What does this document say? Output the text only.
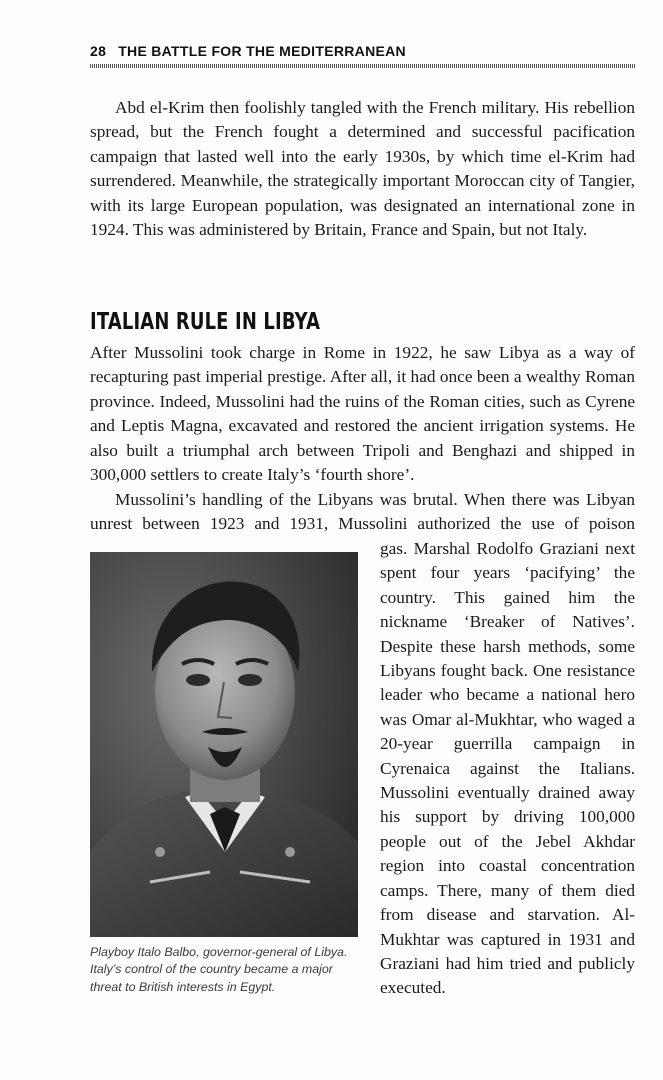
28 THE BATTLE FOR THE MEDITERRANEAN

Abd el-Krim then foolishly tangled with the French military. His rebellion spread, but the French fought a determined and successful pacification campaign that lasted well into the early 1930s, by which time el-Krim had surrendered. Meanwhile, the strategically important Moroccan city of Tangier, with its large European population, was designated an international zone in 1924. This was administered by Britain, France and Spain, but not Italy.

ITALIAN RULE IN LIBYA

After Mussolini took charge in Rome in 1922, he saw Libya as a way of recapturing past imperial prestige. After all, it had once been a wealthy Roman province. Indeed, Mussolini had the ruins of the Roman cities, such as Cyrene and Leptis Magna, excavated and restored the ancient irrigation systems. He also built a triumphal arch between Tripoli and Benghazi and shipped in 300,000 settlers to create Italy’s ‘fourth shore’.

Mussolini’s handling of the Libyans was brutal. When there was Libyan
unrest between 1923 and 1931, Mussolini authorized the use of poison

Playboy Italo Balbo, governor-general of Libya. Italy’s control of the country became a major threat to British interests in Egypt.

gas. Marshal Rodolfo Graziani next spent four years ‘pacifying’ the country. This gained him the nickname ‘Breaker of Natives’. Despite these harsh methods, some Libyans fought back. One resistance leader who became a national hero was Omar al-Mukhtar, who waged a 20-year guerrilla campaign in Cyrenaica against the Italians. Mussolini eventually drained away his support by driving 100,000 people out of the Jebel Akhdar region into coastal concentration camps. There, many of them died from disease and starvation. Al-Mukhtar was captured in 1931 and Graziani had him tried and publicly executed.
